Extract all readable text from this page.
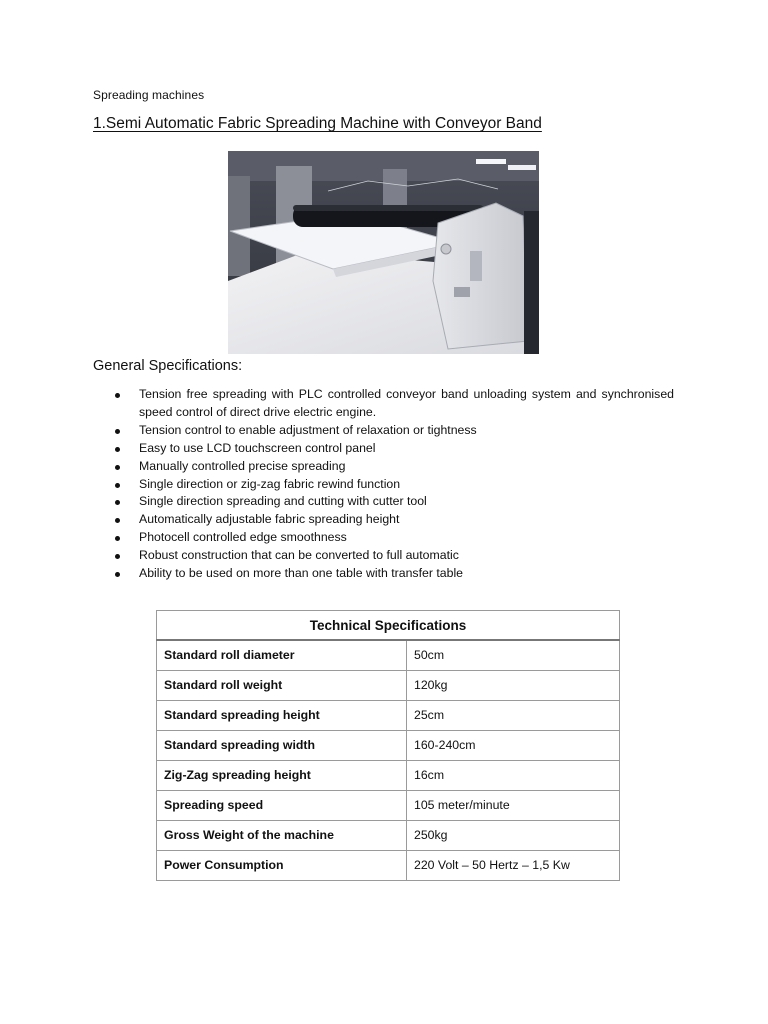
Spreading machines
1.Semi Automatic Fabric Spreading Machine with Conveyor Band
General Specifications:
Tension free spreading with PLC controlled conveyor band unloading system and synchronised speed control of direct drive electric engine.
Tension control to enable adjustment of relaxation or tightness
Easy to use LCD touchscreen control panel
Manually controlled precise spreading
Single direction or zig-zag fabric rewind function
Single direction spreading and cutting with cutter tool
Automatically adjustable fabric spreading height
Photocell controlled edge smoothness
Robust construction that can be converted to full automatic
Ability to be used on more than one table with transfer table
Technical Specifications	
Standard roll diameter	50cm
Standard roll weight	120kg
Standard spreading height	25cm
Standard spreading width	160-240cm
Zig-Zag spreading height	16cm
Spreading speed	105 meter/minute
Gross Weight of the machine	250kg
Power Consumption	220 Volt – 50 Hertz – 1,5 Kw
